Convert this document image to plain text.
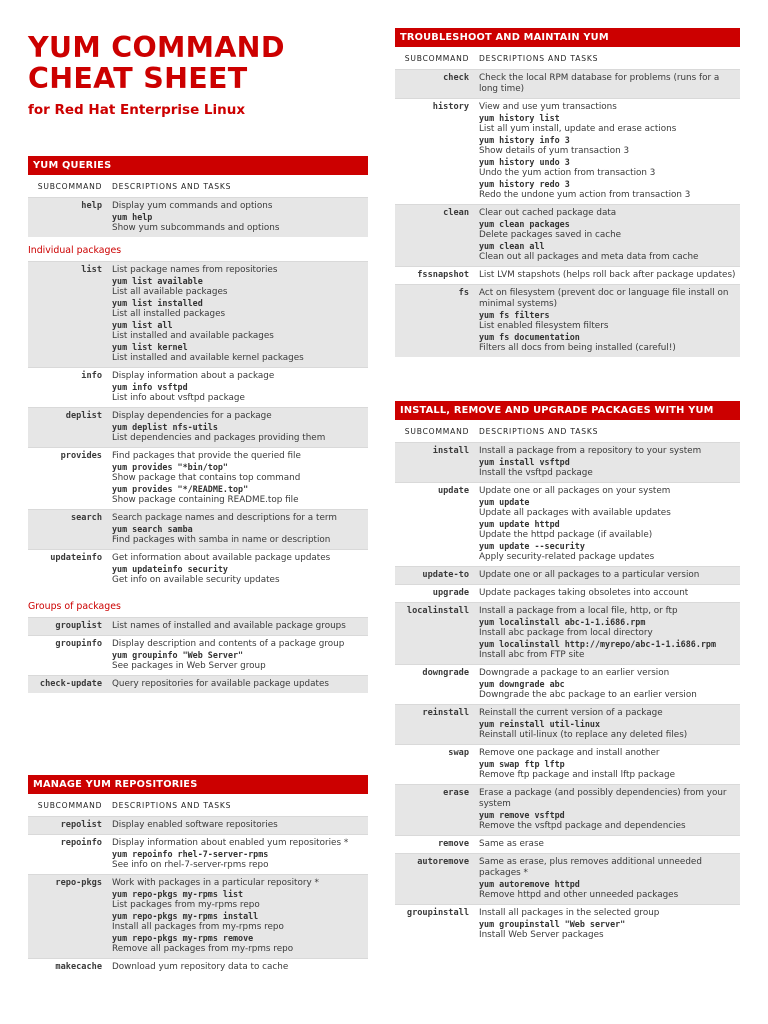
YUM COMMAND CHEAT SHEET
for Red Hat Enterprise Linux
YUM QUERIES
SUBCOMMAND	DESCRIPTIONS AND TASKS
help	Display yum commands and options
yum help
Show yum subcommands and options
Individual packages
list	List package names from repositories
yum list available
List all available packages
yum list installed
List all installed packages
yum list all
List installed and available packages
yum list kernel
List installed and available kernel packages
info	Display information about a package
yum info vsftpd
List info about vsftpd package
deplist	Display dependencies for a package
yum deplist nfs-utils
List dependencies and packages providing them
provides	Find packages that provide the queried file
yum provides "*bin/top"
Show package that contains top command
yum provides "*/README.top"
Show package containing README.top file
search	Search package names and descriptions for a term
yum search samba
Find packages with samba in name or description
updateinfo	Get information about available package updates
yum updateinfo security
Get info on available security updates
Groups of packages
grouplist	List names of installed and available package groups
groupinfo	Display description and contents of a package group
yum groupinfo "Web Server"
See packages in Web Server group
check-update	Query repositories for available package updates
MANAGE YUM REPOSITORIES
SUBCOMMAND	DESCRIPTIONS AND TASKS
repolist	Display enabled software repositories
repoinfo	Display information about enabled yum repositories *
yum repoinfo rhel-7-server-rpms
See info on rhel-7-server-rpms repo
repo-pkgs	Work with packages in a particular repository *
yum repo-pkgs my-rpms list
List packages from my-rpms repo
yum repo-pkgs my-rpms install
Install all packages from my-rpms repo
yum repo-pkgs my-rpms remove
Remove all packages from my-rpms repo
makecache	Download yum repository data to cache
TROUBLESHOOT AND MAINTAIN YUM
SUBCOMMAND	DESCRIPTIONS AND TASKS
check	Check the local RPM database for problems (runs for a long time)
history	View and use yum transactions
yum history list
List all yum install, update and erase actions
yum history info 3
Show details of yum transaction 3
yum history undo 3
Undo the yum action from transaction 3
yum history redo 3
Redo the undone yum action from transaction 3
clean	Clear out cached package data
yum clean packages
Delete packages saved in cache
yum clean all
Clean out all packages and meta data from cache
fssnapshot	List LVM stapshots (helps roll back after package updates)
fs	Act on filesystem (prevent doc or language file install on minimal systems)
yum fs filters
List enabled filesystem filters
yum fs documentation
Filters all docs from being installed (careful!)
INSTALL, REMOVE AND UPGRADE PACKAGES WITH YUM
SUBCOMMAND	DESCRIPTIONS AND TASKS
install	Install a package from a repository to your system
yum install vsftpd
Install the vsftpd package
update	Update one or all packages on your system
yum update
Update all packages with available updates
yum update httpd
Update the httpd package (if available)
yum update --security
Apply security-related package updates
update-to	Update one or all packages to a particular version
upgrade	Update packages taking obsoletes into account
localinstall	Install a package from a local file, http, or ftp
yum localinstall abc-1-1.i686.rpm
Install abc package from local directory
yum localinstall http://myrepo/abc-1-1.i686.rpm
Install abc from FTP site
downgrade	Downgrade a package to an earlier version
yum downgrade abc
Downgrade the abc package to an earlier version
reinstall	Reinstall the current version of a package
yum reinstall util-linux
Reinstall util-linux (to replace any deleted files)
swap	Remove one package and install another
yum swap ftp lftp
Remove ftp package and install lftp package
erase	Erase a package (and possibly dependencies) from your system
yum remove vsftpd
Remove the vsftpd package and dependencies
remove	Same as erase
autoremove	Same as erase, plus removes additional unneeded packages *
yum autoremove httpd
Remove httpd and other unneeded packages
groupinstall	Install all packages in the selected group
yum groupinstall "Web server"
Install Web Server packages
